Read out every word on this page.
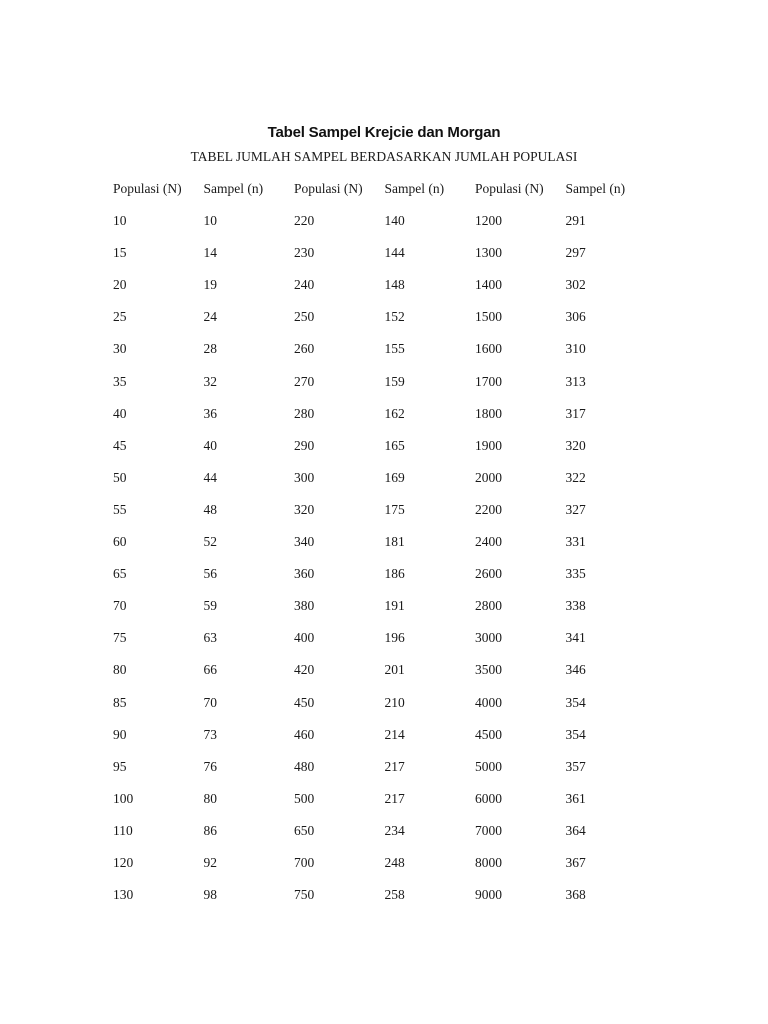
Tabel Sampel Krejcie dan Morgan
TABEL JUMLAH SAMPEL BERDASARKAN JUMLAH POPULASI
Populasi (N)	Sampel (n)	Populasi (N)	Sampel (n)	Populasi (N)	Sampel (n)
10	10	220	140	1200	291
15	14	230	144	1300	297
20	19	240	148	1400	302
25	24	250	152	1500	306
30	28	260	155	1600	310
35	32	270	159	1700	313
40	36	280	162	1800	317
45	40	290	165	1900	320
50	44	300	169	2000	322
55	48	320	175	2200	327
60	52	340	181	2400	331
65	56	360	186	2600	335
70	59	380	191	2800	338
75	63	400	196	3000	341
80	66	420	201	3500	346
85	70	450	210	4000	354
90	73	460	214	4500	354
95	76	480	217	5000	357
100	80	500	217	6000	361
110	86	650	234	7000	364
120	92	700	248	8000	367
130	98	750	258	9000	368
